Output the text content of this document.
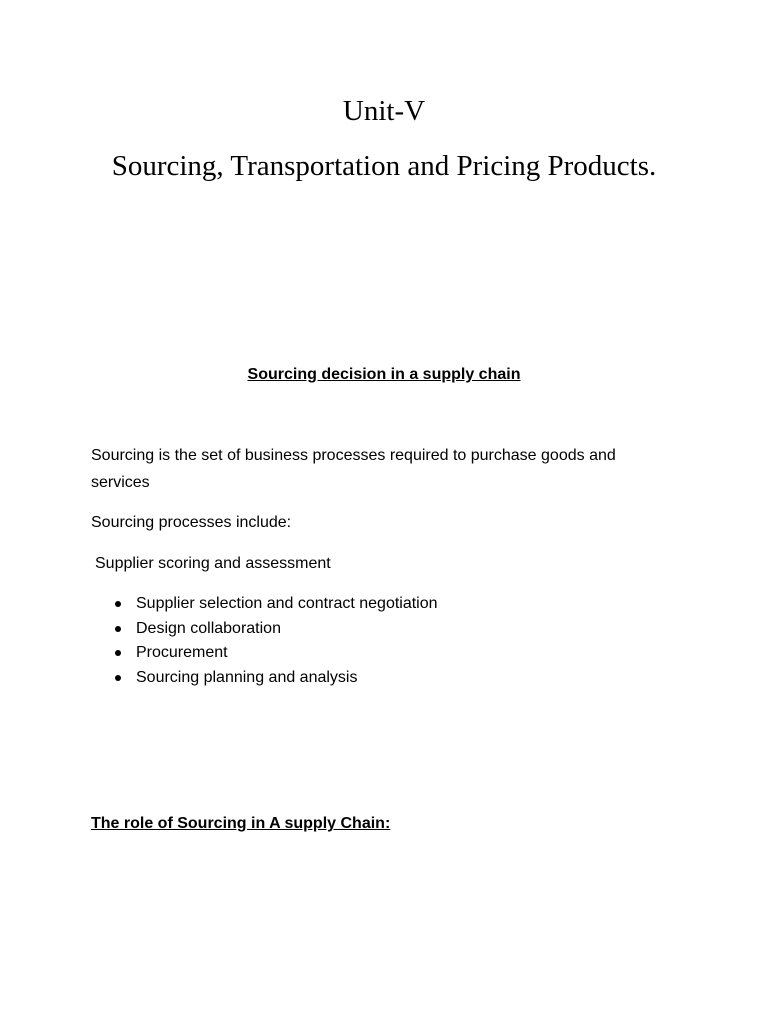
Unit-V
Sourcing, Transportation and Pricing Products.
Sourcing decision in a supply chain
Sourcing is the set of business processes required to purchase goods and services
Sourcing processes include:
Supplier scoring and assessment
Supplier selection and contract negotiation
Design collaboration
Procurement
Sourcing planning and analysis
The role of Sourcing in A supply Chain:
